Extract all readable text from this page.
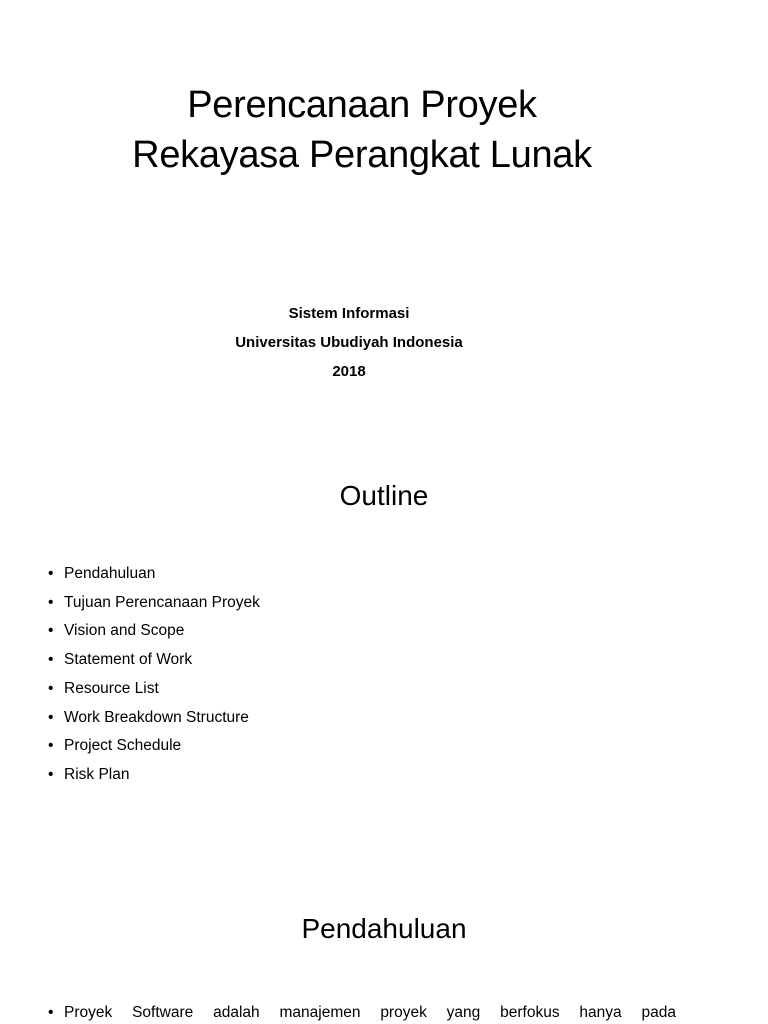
Perencanaan Proyek
Rekayasa Perangkat Lunak
Sistem Informasi
Universitas Ubudiyah Indonesia
2018
Outline
• Pendahuluan
• Tujuan Perencanaan Proyek
• Vision and Scope
• Statement of Work
• Resource List
• Work Breakdown Structure
• Project Schedule
• Risk Plan
Pendahuluan
• Proyek Software adalah manajemen proyek yang berfokus hanya pada
